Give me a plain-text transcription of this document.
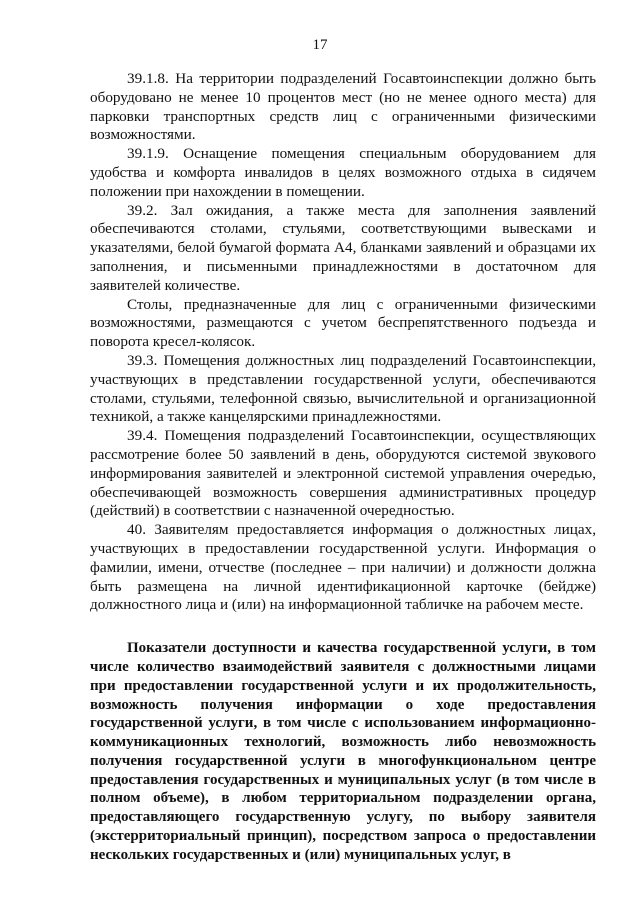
17

39.1.8. На территории подразделений Госавтоинспекции должно быть оборудовано не менее 10 процентов мест (но не менее одного места) для парковки транспортных средств лиц с ограниченными физическими возможностями.

39.1.9. Оснащение помещения специальным оборудованием для удобства и комфорта инвалидов в целях возможного отдыха в сидячем положении при нахождении в помещении.

39.2. Зал ожидания, а также места для заполнения заявлений обеспечиваются столами, стульями, соответствующими вывесками и указателями, белой бумагой формата А4, бланками заявлений и образцами их заполнения, и письменными принадлежностями в достаточном для заявителей количестве.

Столы, предназначенные для лиц с ограниченными физическими возможностями, размещаются с учетом беспрепятственного подъезда и поворота кресел-колясок.

39.3. Помещения должностных лиц подразделений Госавтоинспекции, участвующих в представлении государственной услуги, обеспечиваются столами, стульями, телефонной связью, вычислительной и организационной техникой, а также канцелярскими принадлежностями.

39.4. Помещения подразделений Госавтоинспекции, осуществляющих рассмотрение более 50 заявлений в день, оборудуются системой звукового информирования заявителей и электронной системой управления очередью, обеспечивающей возможность совершения административных процедур (действий) в соответствии с назначенной очередностью.

40. Заявителям предоставляется информация о должностных лицах, участвующих в предоставлении государственной услуги. Информация о фамилии, имени, отчестве (последнее – при наличии) и должности должна быть размещена на личной идентификационной карточке (бейдже) должностного лица и (или) на информационной табличке на рабочем месте.

Показатели доступности и качества государственной услуги, в том числе количество взаимодействий заявителя с должностными лицами при предоставлении государственной услуги и их продолжительность, возможность получения информации о ходе предоставления государственной услуги, в том числе с использованием информационно-коммуникационных технологий, возможность либо невозможность получения государственной услуги в многофункциональном центре предоставления государственных и муниципальных услуг (в том числе в полном объеме), в любом территориальном подразделении органа, предоставляющего государственную услугу, по выбору заявителя (экстерриториальный принцип), посредством запроса о предоставлении нескольких государственных и (или) муниципальных услуг, в
